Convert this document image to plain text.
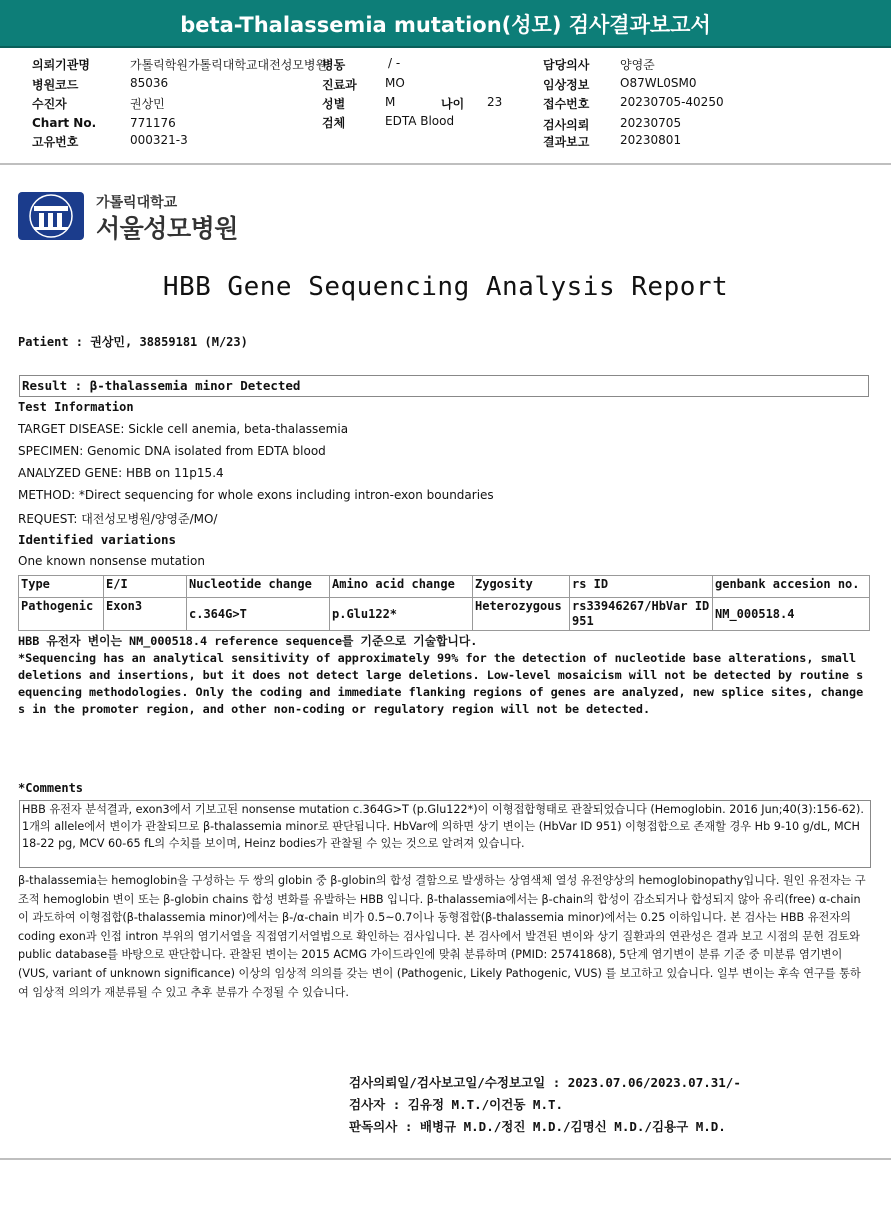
beta-Thalassemia mutation(성모) 검사결과보고서
의뢰기관명	가톨릭학원가톨릭대학교대전성모병원
병동	/ -	담당의사	양영준
병원코드	85036	진료과 MO	임상정보	O87WL0SM0
수진자	권상민	성별	M	나이 23	접수번호	20230705-40250
Chart No.	771176	검체	EDTA Blood	검사의뢰	20230705
고유번호	000321-3	결과보고	20230801
가톨릭대학교
서울성모병원
HBB Gene Sequencing Analysis Report
Patient : 권상민, 38859181 (M/23)
Result : β-thalassemia minor Detected
Test Information
TARGET DISEASE: Sickle cell anemia, beta-thalassemia
SPECIMEN: Genomic DNA isolated from EDTA blood
ANALYZED GENE: HBB on 11p15.4
METHOD: *Direct sequencing for whole exons including intron-exon boundaries
REQUEST: 대전성모병원/양영준/MO/
Identified variations
One known nonsense mutation
Type	E/I	Nucleotide change	Amino acid change	Zygosity	rs ID	genbank accesion no.
Pathogenic	Exon3	c.364G>T	p.Glu122*	Heterozygous	rs33946267/HbVar ID 951	NM_000518.4
HBB 유전자 변이는 NM_000518.4 reference sequence를 기준으로 기술합니다.
*Sequencing has an analytical sensitivity of approximately 99% for the detection of nucleotide base alterations, small deletions and insertions, but it does not detect large deletions. Low-level mosaicism will not be detected by routine sequencing methodologies. Only the coding and immediate flanking regions of genes are analyzed, new splice sites, changes in the promoter region, and other non-coding or regulatory region will not be detected.
*Comments
HBB 유전자 분석결과, exon3에서 기보고된 nonsense mutation c.364G>T (p.Glu122*)이 이형접합형태로 관찰되었습니다 (Hemoglobin. 2016 Jun;40(3):156-62). 1개의 allele에서 변이가 관찰되므로 β-thalassemia minor로 판단됩니다. HbVar에 의하면 상기 변이는 (HbVar ID 951) 이형접합으로 존재할 경우 Hb 9-10 g/dL, MCH 18-22 pg, MCV 60-65 fL의 수치를 보이며, Heinz bodies가 관찰될 수 있는 것으로 알려져 있습니다.
β-thalassemia는 hemoglobin을 구성하는 두 쌍의 globin 중 β-globin의 합성 결함으로 발생하는 상염색체 열성 유전양상의 hemoglobinopathy입니다. 원인 유전자는 구조적 hemoglobin 변이 또는 β-globin chains 합성 변화를 유발하는 HBB 입니다. β-thalassemia에서는 β-chain의 합성이 감소되거나 합성되지 않아 유리(free) α-chain이 과도하여 이형접합(β-thalassemia minor)에서는 β-/α-chain 비가 0.5~0.7이나 동형접합(β-thalassemia minor)에서는 0.25 이하입니다. 본 검사는 HBB 유전자의 coding exon과 인접 intron 부위의 염기서열을 직접염기서열법으로 확인하는 검사입니다. 본 검사에서 발견된 변이와 상기 질환과의 연관성은 결과 보고 시점의 문헌 검토와 public database를 바탕으로 판단합니다. 관찰된 변이는 2015 ACMG 가이드라인에 맞춰 분류하며 (PMID: 25741868), 5단계 염기변이 분류 기준 중 미분류 염기변이 (VUS, variant of unknown significance) 이상의 임상적 의의를 갖는 변이 (Pathogenic, Likely Pathogenic, VUS) 를 보고하고 있습니다. 일부 변이는 후속 연구를 통하여 임상적 의의가 재분류될 수 있고 추후 분류가 수정될 수 있습니다.
검사의뢰일/검사보고일/수정보고일 : 2023.07.06/2023.07.31/-
검사자 : 김유정 M.T./이건동 M.T.
판독의사 : 배병규 M.D./정진 M.D./김명신 M.D./김용구 M.D.
